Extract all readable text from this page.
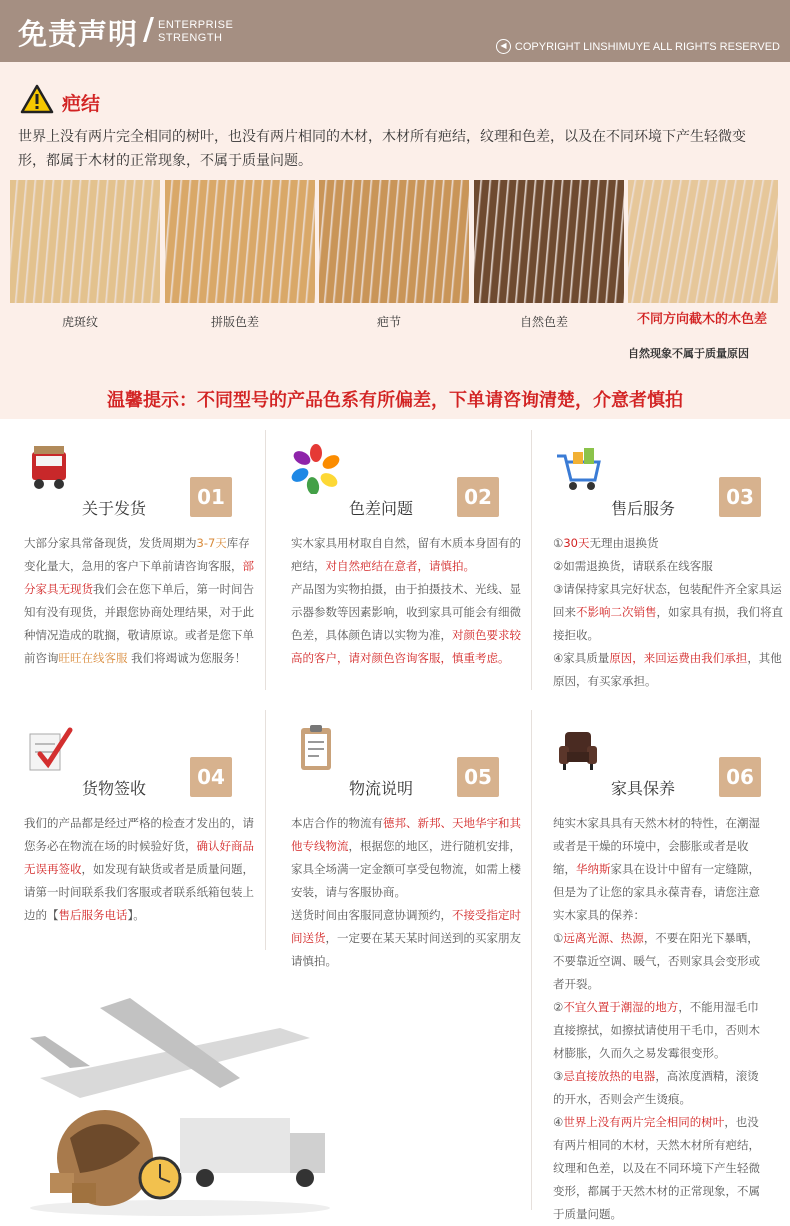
免责声明 / ENTERPRISE
STRENGTH
◀ COPYRIGHT LINSHIMUYE ALL RIGHTS RESERVED
疤结
世界上没有两片完全相同的树叶，也没有两片相同的木材，木材所有疤结，纹理和色差，以及在不同环境下产生轻微变形，都属于木材的正常现象，不属于质量问题。
虎斑纹	拼版色差	疤节	自然色差	不同方向截木的木色差
自然现象不属于质量原因
温馨提示：不同型号的产品色系有所偏差，下单请咨询清楚，介意者慎拍
关于发货	01
大部分家具常备现货，发货周期为3-7天库存变化量大，急用的客户下单前请咨询客服，部分家具无现货我们会在您下单后，第一时间告知有没有现货，并跟您协商处理结果，对于此种情况造成的耽搁，敬请原谅。或者是您下单前咨询旺旺在线客服 我们将竭诚为您服务！
色差问题	02
实木家具用材取自自然，留有木质本身固有的疤结，对自然疤结在意者，请慎拍。
产品图为实物拍摄，由于拍摄技术、光线、显示器参数等因素影响，收到家具可能会有细微色差，具体颜色请以实物为准，对颜色要求较高的客户，请对颜色咨询客服，慎重考虑。
售后服务	03
①30天无理由退换货
②如需退换货，请联系在线客服
③请保持家具完好状态，包装配件齐全家具运回来不影响二次销售，如家具有损，我们将直接拒收。
④家具质量原因，来回运费由我们承担，其他原因，有买家承担。
货物签收	04
我们的产品都是经过严格的检查才发出的，请您务必在物流在场的时候验好货，确认好商品无误再签收，如发现有缺货或者是质量问题，请第一时间联系我们客服或者联系纸箱包装上边的【售后服务电话】。
物流说明	05
本店合作的物流有德邦、新邦、天地华宇和其他专线物流，根据您的地区，进行随机安排，家具全场满一定金额可享受包物流，如需上楼安装，请与客服协商。
送货时间由客服同意协调预约，不接受指定时间送货，一定要在某天某时间送到的买家朋友请慎拍。
家具保养	06
纯实木家具具有天然木材的特性，在潮湿或者是干燥的环境中，会膨胀或者是收缩，华纳斯家具在设计中留有一定缝隙，但是为了让您的家具永葆青春，请您注意实木家具的保养：
①远离光源、热源，不要在阳光下暴晒，不要靠近空调、暖气，否则家具会变形或者开裂。
②不宜久置于潮湿的地方，不能用湿毛巾直接擦拭，如擦拭请使用干毛巾，否则木材膨胀，久而久之易发霉很变形。
③忌直接放热的电器，高浓度酒精，滚烫的开水，否则会产生烫痕。
④世界上没有两片完全相同的树叶，也没有两片相同的木材，天然木材所有疤结，纹理和色差，以及在不同环境下产生轻微变形，都属于天然木材的正常现象，不属于质量问题。
